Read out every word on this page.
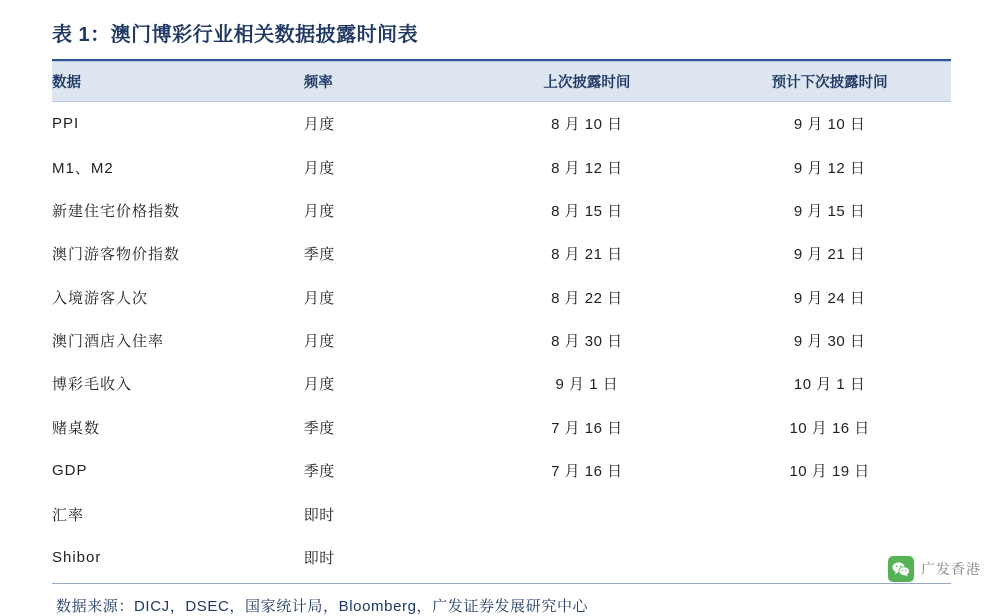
表 1：澳门博彩行业相关数据披露时间表
数据	频率	上次披露时间	预计下次披露时间
PPI	月度	8 月 10 日	9 月 10 日
M1、M2	月度	8 月 12 日	9 月 12 日
新建住宅价格指数	月度	8 月 15 日	9 月 15 日
澳门游客物价指数	季度	8 月 21 日	9 月 21 日
入境游客人次	月度	8 月 22 日	9 月 24 日
澳门酒店入住率	月度	8 月 30 日	9 月 30 日
博彩毛收入	月度	9 月 1 日	10 月 1 日
赌桌数	季度	7 月 16 日	10 月 16 日
GDP	季度	7 月 16 日	10 月 19 日
汇率	即时		
Shibor	即时		
数据来源：DICJ，DSEC，国家统计局，Bloomberg，广发证券发展研究中心
广发香港
